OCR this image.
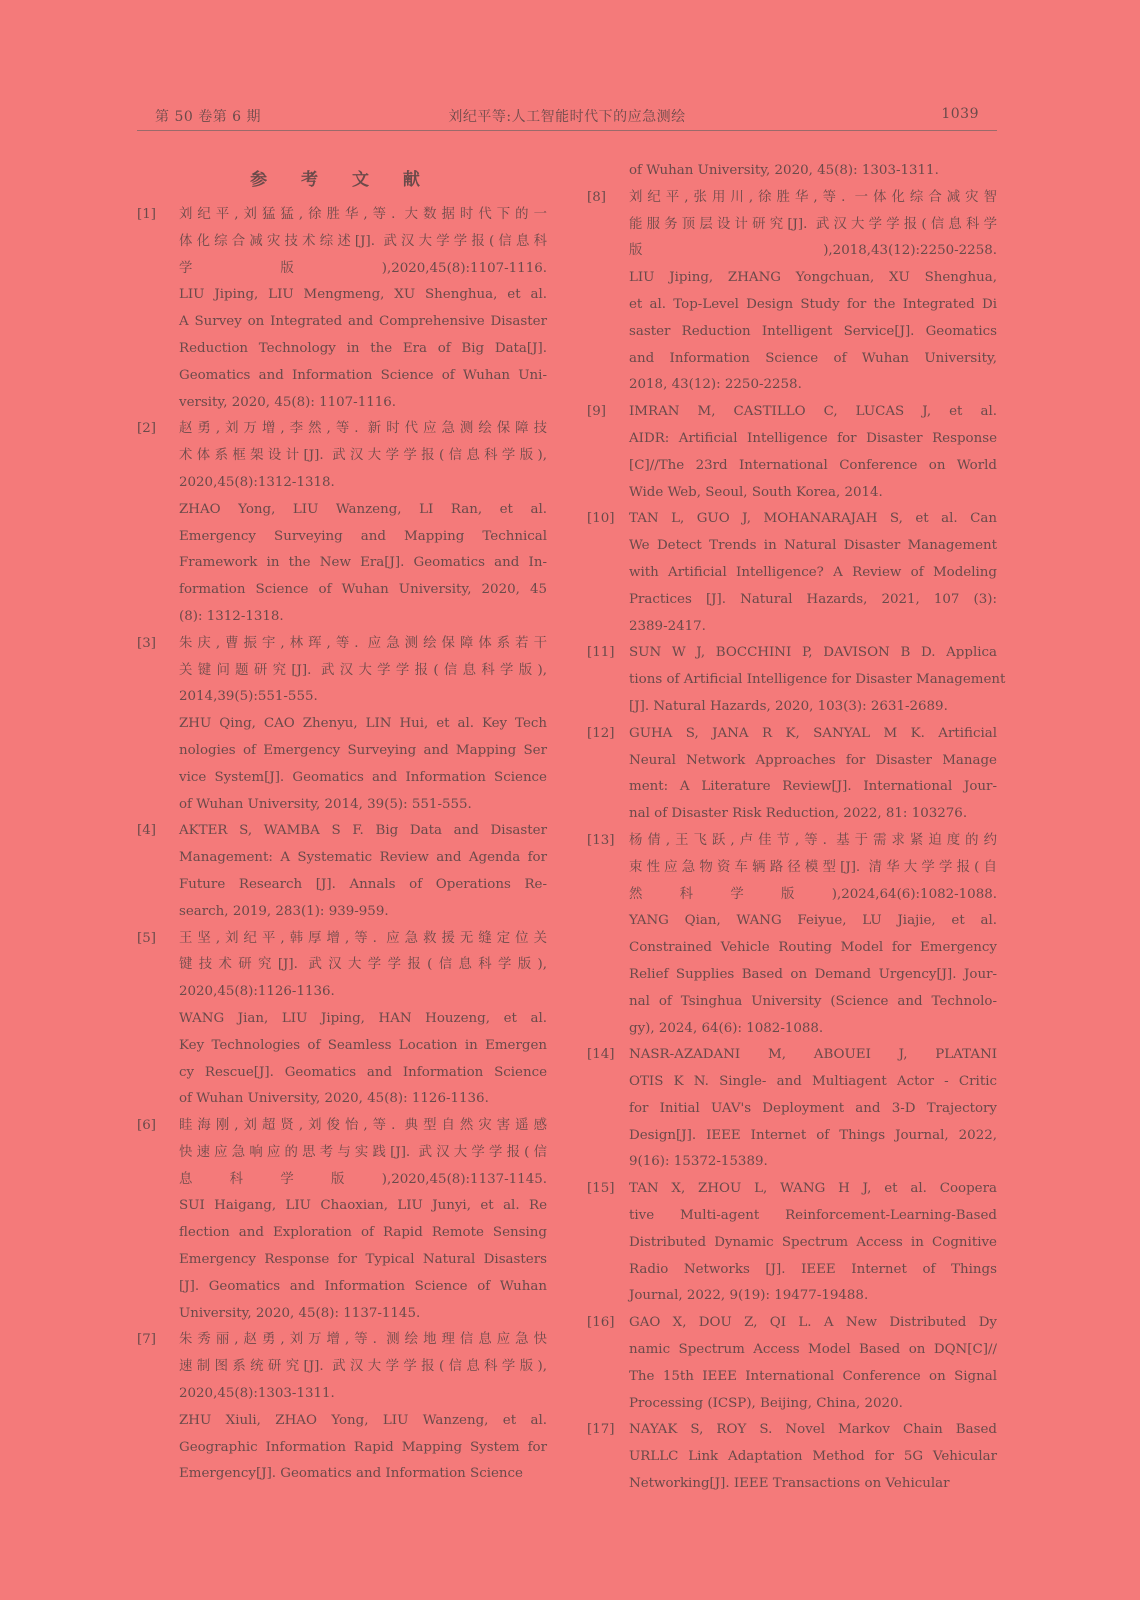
第 50 卷第 6 期	刘纪平等:人工智能时代下的应急测绘	1039
参 考 文 献
[1] 刘纪平,刘猛猛,徐胜华,等. 大数据时代下的一
体化综合减灾技术综述[J]. 武汉大学学报(信息科
学版),2020,45(8):1107-1116.
LIU Jiping, LIU Mengmeng, XU Shenghua, et al.
A Survey on Integrated and Comprehensive Disaster
Reduction Technology in the Era of Big Data[J].
Geomatics and Information Science of Wuhan Uni-
versity, 2020, 45(8): 1107-1116.
[2] 赵勇,刘万增,李然,等. 新时代应急测绘保障技
术体系框架设计[J]. 武汉大学学报(信息科学版),
2020,45(8):1312-1318.
ZHAO Yong, LIU Wanzeng, LI Ran, et al.
Emergency Surveying and Mapping Technical
Framework in the New Era[J]. Geomatics and In-
formation Science of Wuhan University, 2020, 45
(8): 1312-1318.
[3] 朱庆,曹振宇,林珲,等. 应急测绘保障体系若干
关键问题研究[J]. 武汉大学学报(信息科学版),
2014,39(5):551-555.
ZHU Qing, CAO Zhenyu, LIN Hui, et al. Key Tech
nologies of Emergency Surveying and Mapping Ser
vice System[J]. Geomatics and Information Science
of Wuhan University, 2014, 39(5): 551-555.
[4] AKTER S, WAMBA S F. Big Data and Disaster
Management: A Systematic Review and Agenda for
Future Research [J]. Annals of Operations Re-
search, 2019, 283(1): 939-959.
[5] 王坚,刘纪平,韩厚增,等. 应急救援无缝定位关
键技术研究[J]. 武汉大学学报(信息科学版),
2020,45(8):1126-1136.
WANG Jian, LIU Jiping, HAN Houzeng, et al.
Key Technologies of Seamless Location in Emergen
cy Rescue[J]. Geomatics and Information Science
of Wuhan University, 2020, 45(8): 1126-1136.
[6] 眭海刚,刘超贤,刘俊怡,等. 典型自然灾害遥感
快速应急响应的思考与实践[J]. 武汉大学学报(信
息科学版),2020,45(8):1137-1145.
SUI Haigang, LIU Chaoxian, LIU Junyi, et al. Re
flection and Exploration of Rapid Remote Sensing
Emergency Response for Typical Natural Disasters
[J]. Geomatics and Information Science of Wuhan
University, 2020, 45(8): 1137-1145.
[7] 朱秀丽,赵勇,刘万增,等. 测绘地理信息应急快
速制图系统研究[J]. 武汉大学学报(信息科学版),
2020,45(8):1303-1311.
ZHU Xiuli, ZHAO Yong, LIU Wanzeng, et al.
Geographic Information Rapid Mapping System for
Emergency[J]. Geomatics and Information Science
of Wuhan University, 2020, 45(8): 1303-1311.
[8] 刘纪平,张用川,徐胜华,等. 一体化综合减灾智
能服务顶层设计研究[J]. 武汉大学学报(信息科学
版),2018,43(12):2250-2258.
LIU Jiping, ZHANG Yongchuan, XU Shenghua,
et al. Top-Level Design Study for the Integrated Di
saster Reduction Intelligent Service[J]. Geomatics
and Information Science of Wuhan University,
2018, 43(12): 2250-2258.
[9] IMRAN M, CASTILLO C, LUCAS J, et al.
AIDR: Artificial Intelligence for Disaster Response
[C]//The 23rd International Conference on World
Wide Web, Seoul, South Korea, 2014.
[10] TAN L, GUO J, MOHANARAJAH S, et al. Can
We Detect Trends in Natural Disaster Management
with Artificial Intelligence? A Review of Modeling
Practices [J]. Natural Hazards, 2021, 107 (3):
2389-2417.
[11] SUN W J, BOCCHINI P, DAVISON B D. Applica
tions of Artificial Intelligence for Disaster Management
[J]. Natural Hazards, 2020, 103(3): 2631-2689.
[12] GUHA S, JANA R K, SANYAL M K. Artificial
Neural Network Approaches for Disaster Manage
ment: A Literature Review[J]. International Jour-
nal of Disaster Risk Reduction, 2022, 81: 103276.
[13] 杨倩,王飞跃,卢佳节,等. 基于需求紧迫度的约
束性应急物资车辆路径模型[J]. 清华大学学报(自
然科学版),2024,64(6):1082-1088.
YANG Qian, WANG Feiyue, LU Jiajie, et al.
Constrained Vehicle Routing Model for Emergency
Relief Supplies Based on Demand Urgency[J]. Jour-
nal of Tsinghua University (Science and Technolo-
gy), 2024, 64(6): 1082-1088.
[14] NASR-AZADANI M, ABOUEI J, PLATANI
OTIS K N. Single- and Multiagent Actor - Critic
for Initial UAV's Deployment and 3-D Trajectory
Design[J]. IEEE Internet of Things Journal, 2022,
9(16): 15372-15389.
[15] TAN X, ZHOU L, WANG H J, et al. Coopera
tive Multi-agent Reinforcement-Learning-Based
Distributed Dynamic Spectrum Access in Cognitive
Radio Networks [J]. IEEE Internet of Things
Journal, 2022, 9(19): 19477-19488.
[16] GAO X, DOU Z, QI L. A New Distributed Dy
namic Spectrum Access Model Based on DQN[C]//
The 15th IEEE International Conference on Signal
Processing (ICSP), Beijing, China, 2020.
[17] NAYAK S, ROY S. Novel Markov Chain Based
URLLC Link Adaptation Method for 5G Vehicular
Networking[J]. IEEE Transactions on Vehicular
